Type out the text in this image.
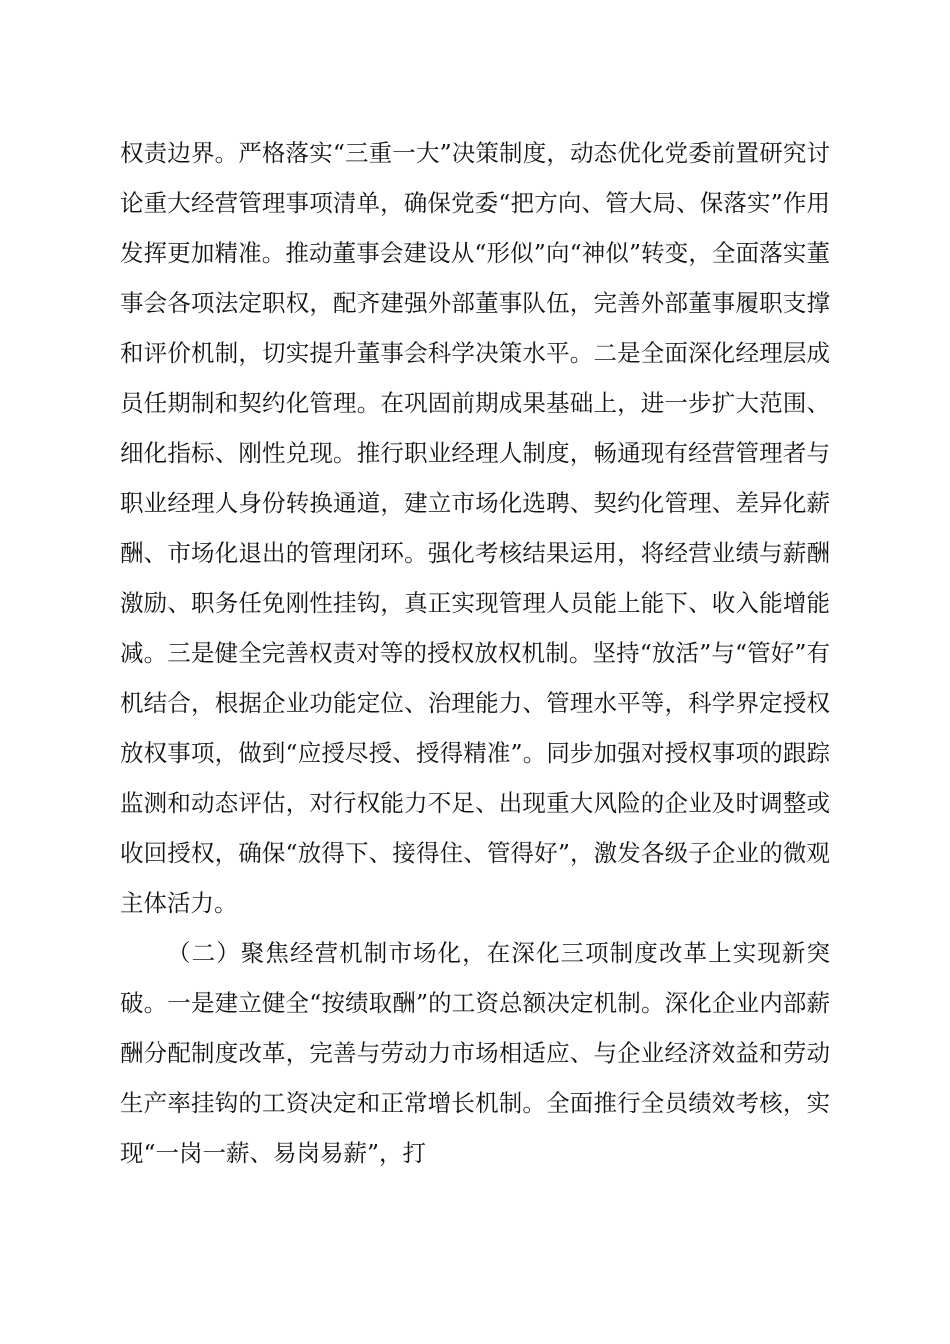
权责边界。严格落实“三重一大”决策制度，动态优化党委前置研究讨论重大经营管理事项清单，确保党委“把方向、管大局、保落实”作用发挥更加精准。推动董事会建设从“形似”向“神似”转变，全面落实董事会各项法定职权，配齐建强外部董事队伍，完善外部董事履职支撑和评价机制，切实提升董事会科学决策水平。二是全面深化经理层成员任期制和契约化管理。在巩固前期成果基础上，进一步扩大范围、细化指标、刚性兑现。推行职业经理人制度，畅通现有经营管理者与职业经理人身份转换通道，建立市场化选聘、契约化管理、差异化薪酬、市场化退出的管理闭环。强化考核结果运用，将经营业绩与薪酬激励、职务任免刚性挂钩，真正实现管理人员能上能下、收入能增能减。三是健全完善权责对等的授权放权机制。坚持“放活”与“管好”有机结合，根据企业功能定位、治理能力、管理水平等，科学界定授权放权事项，做到“应授尽授、授得精准”。同步加强对授权事项的跟踪监测和动态评估，对行权能力不足、出现重大风险的企业及时调整或收回授权，确保“放得下、接得住、管得好”，激发各级子企业的微观主体活力。

（二）聚焦经营机制市场化，在深化三项制度改革上实现新突破。一是建立健全“按绩取酬”的工资总额决定机制。深化企业内部薪酬分配制度改革，完善与劳动力市场相适应、与企业经济效益和劳动生产率挂钩的工资决定和正常增长机制。全面推行全员绩效考核，实现“一岗一薪、易岗易薪”，打
